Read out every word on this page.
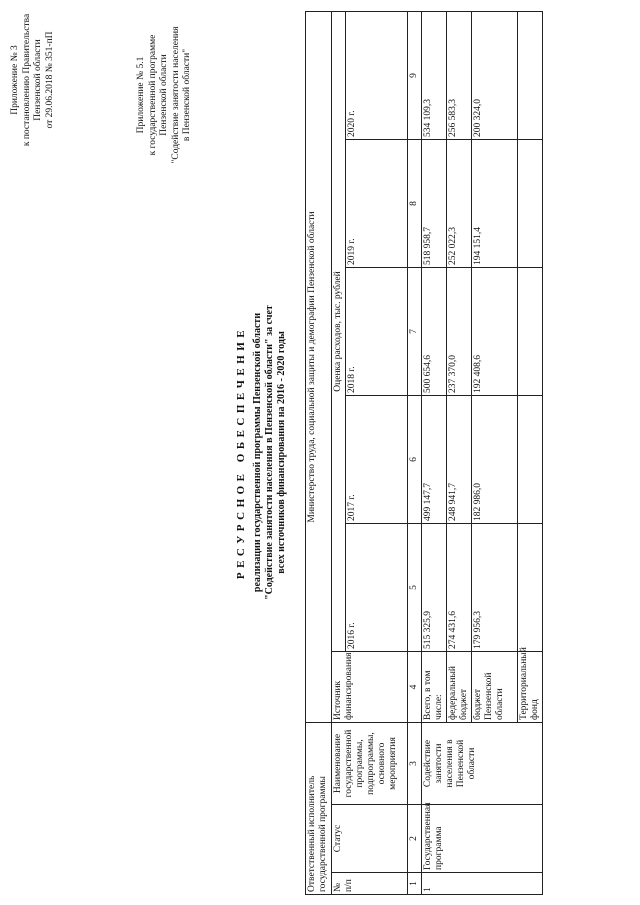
Приложение № 3 к постановлению Правительства Пензенской области от 29.06.2018 № 351-пП	Приложение № 5.1 к государственной программе Пензенской области "Содействие занятости населения в Пензенской области"
РЕСУРСНОЕ ОБЕСПЕЧЕНИЕ реализации государственной программы Пензенской области "Содействие занятости населения в Пензенской области" за счет всех источников финансирования на 2016 - 2020 годы
Ответственный исполнитель государственной программы			Министерство труда, социальной защиты и демографии Пензенской области					
№ п/п	Статус	Наименование государственной программы, подпрограммы, основного мероприятия	Источник финансирования	Оценка расходов, тыс. рублей				
				2016 г.	2017 г.	2018 г.	2019 г.	2020 г.
1	2	3	4	5	6	7	8	9
1	Государственная программа	Содействие занятости населения в Пензенской области	Всего, в том числе:	515 325,9	499 147,7	500 654,6	518 958,7	534 109,3
			федеральный бюджет	274 431,6	248 941,7	237 370,0	252 022,3	256 583,3
			бюджет Пензенской области	179 956,3	182 986,0	192 408,6	194 151,4	200 324,0
			Территориальный фонд					
